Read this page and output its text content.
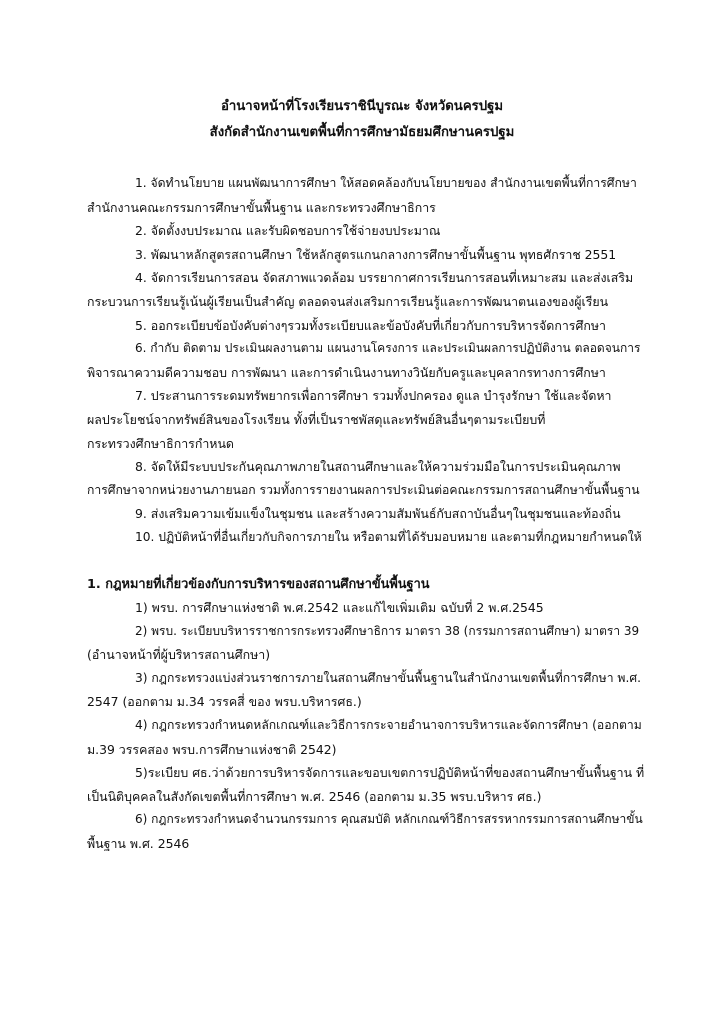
อำนาจหน้าที่โรงเรียนราชินีบูรณะ จังหวัดนครปฐม
สังกัดสำนักงานเขตพื้นที่การศึกษามัธยมศึกษานครปฐม

1. จัดทำนโยบาย แผนพัฒนาการศึกษา ให้สอดคล้องกับนโยบายของ สำนักงานเขตพื้นที่การศึกษา

สำนักงานคณะกรรมการศึกษาขั้นพื้นฐาน และกระทรวงศึกษาธิการ

2. จัดตั้งงบประมาณ และรับผิดชอบการใช้จ่ายงบประมาณ

3. พัฒนาหลักสูตรสถานศึกษา ใช้หลักสูตรแกนกลางการศึกษาขั้นพื้นฐาน พุทธศักราช 2551

4. จัดการเรียนการสอน จัดสภาพแวดล้อม บรรยากาศการเรียนการสอนที่เหมาะสม และส่งเสริม

กระบวนการเรียนรู้เน้นผู้เรียนเป็นสำคัญ ตลอดจนส่งเสริมการเรียนรู้และการพัฒนาตนเองของผู้เรียน

5. ออกระเบียบข้อบังคับต่างๆรวมทั้งระเบียบและข้อบังคับที่เกี่ยวกับการบริหารจัดการศึกษา

6. กำกับ ติดตาม ประเมินผลงานตาม แผนงานโครงการ และประเมินผลการปฏิบัติงาน ตลอดจนการ

พิจารณาความดีความชอบ การพัฒนา และการดำเนินงานทางวินัยกับครูและบุคลากรทางการศึกษา

7. ประสานการระดมทรัพยากรเพื่อการศึกษา รวมทั้งปกครอง ดูแล บำรุงรักษา ใช้และจัดหา

ผลประโยชน์จากทรัพย์สินของโรงเรียน ทั้งที่เป็นราชพัสดุและทรัพย์สินอื่นๆตามระเบียบที่

กระทรวงศึกษาธิการกำหนด

8. จัดให้มีระบบประกันคุณภาพภายในสถานศึกษาและให้ความร่วมมือในการประเมินคุณภาพ

การศึกษาจากหน่วยงานภายนอก รวมทั้งการรายงานผลการประเมินต่อคณะกรรมการสถานศึกษาขั้นพื้นฐาน

9. ส่งเสริมความเข้มแข็งในชุมชน และสร้างความสัมพันธ์กับสถาบันอื่นๆในชุมชนและท้องถิ่น

10. ปฏิบัติหน้าที่อื่นเกี่ยวกับกิจการภายใน หรือตามที่ได้รับมอบหมาย และตามที่กฎหมายกำหนดให้

1. กฎหมายที่เกี่ยวข้องกับการบริหารของสถานศึกษาขั้นพื้นฐาน

1) พรบ. การศึกษาแห่งชาติ พ.ศ.2542 และแก้ไขเพิ่มเติม ฉบับที่ 2 พ.ศ.2545

2) พรบ. ระเบียบบริหารราชการกระทรวงศึกษาธิการ มาตรา 38 (กรรมการสถานศึกษา) มาตรา 39

(อำนาจหน้าที่ผู้บริหารสถานศึกษา)

3) กฎกระทรวงแบ่งส่วนราชการภายในสถานศึกษาขั้นพื้นฐานในสำนักงานเขตพื้นที่การศึกษา พ.ศ.

2547 (ออกตาม ม.34 วรรคสี่ ของ พรบ.บริหารศธ.)

4) กฎกระทรวงกำหนดหลักเกณฑ์และวิธีการกระจายอำนาจการบริหารและจัดการศึกษา (ออกตาม

ม.39 วรรคสอง พรบ.การศึกษาแห่งชาติ 2542)

5)ระเบียบ ศธ.ว่าด้วยการบริหารจัดการและขอบเขตการปฏิบัติหน้าที่ของสถานศึกษาขั้นพื้นฐาน ที่

เป็นนิติบุคคลในสังกัดเขตพื้นที่การศึกษา พ.ศ. 2546 (ออกตาม ม.35 พรบ.บริหาร ศธ.)

6) กฎกระทรวงกำหนดจำนวนกรรมการ คุณสมบัติ หลักเกณฑ์วิธีการสรรหากรรมการสถานศึกษาขั้น

พื้นฐาน พ.ศ. 2546
